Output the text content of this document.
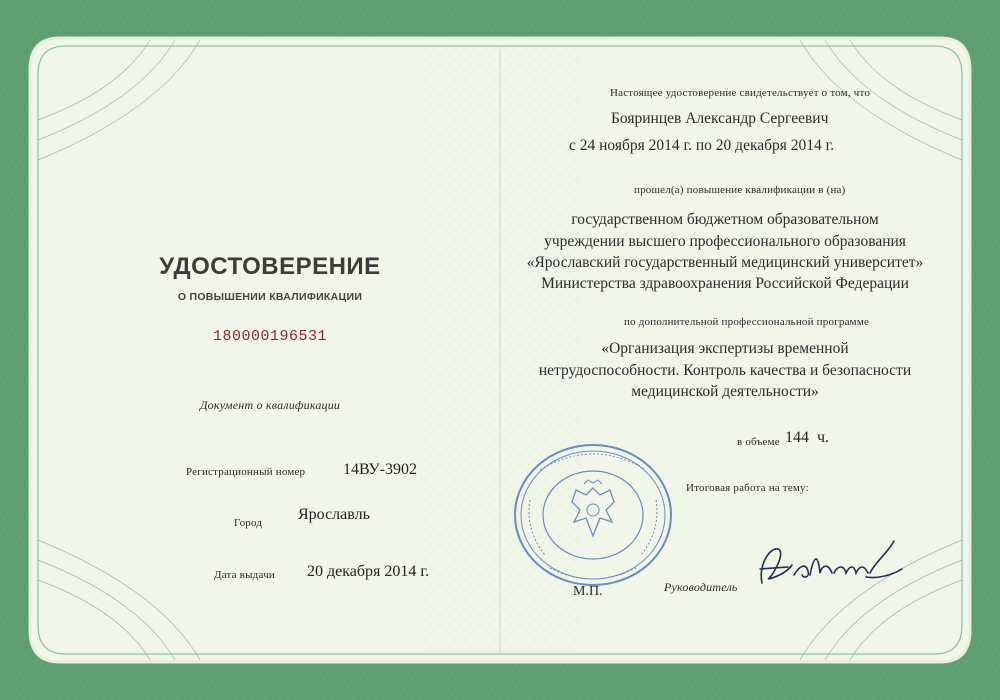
УДОСТОВЕРЕНИЕ
О ПОВЫШЕНИИ КВАЛИФИКАЦИИ
180000196531
Документ о квалификации
Регистрационный номер 14ВУ-3902
Город Ярославль
Дата выдачи 20 декабря 2014 г.
Настоящее удостоверение свидетельствует о том, что
Бояринцев Александр Сергеевич
с 24 ноября 2014 г. по 20 декабря 2014 г.
прошел(а) повышение квалификации в (на)
государственном бюджетном образовательном
учреждении высшего профессионального образования
«Ярославский государственный медицинский университет»
Министерства здравоохранения Российской Федерации
по дополнительной профессиональной программе
«Организация экспертизы временной
нетрудоспособности. Контроль качества и безопасности
медицинской деятельности»
в объеме 144 ч.
Итоговая работа на тему:
М.П.	Руководитель
